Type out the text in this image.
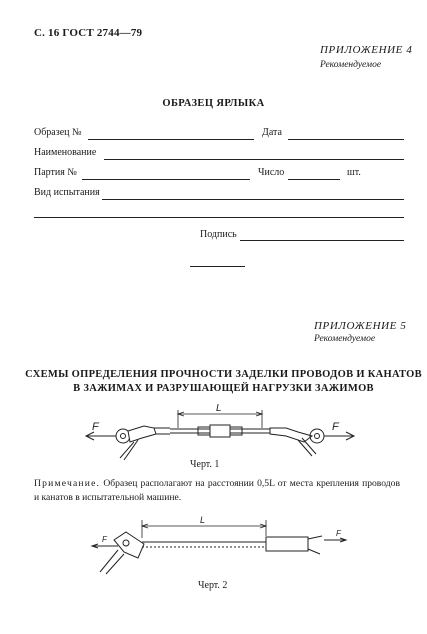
С. 16 ГОСТ 2744—79
ПРИЛОЖЕНИЕ 4
Рекомендуемое
ОБРАЗЕЦ ЯРЛЫКА
Образец №	Дата
Наименование
Партия №	Число	шт.
Вид испытания
Подпись
ПРИЛОЖЕНИЕ 5
Рекомендуемое
СХЕМЫ ОПРЕДЕЛЕНИЯ ПРОЧНОСТИ ЗАДЕЛКИ ПРОВОДОВ И КАНАТОВ
В ЗАЖИМАХ И РАЗРУШАЮЩЕЙ НАГРУЗКИ ЗАЖИМОВ
F	F
L
Черт. 1
Примечание. Образец располагают на расстоянии 0,5L от места крепления проводов и канатов в испытательной машине.
F
F
L
Черт. 2
